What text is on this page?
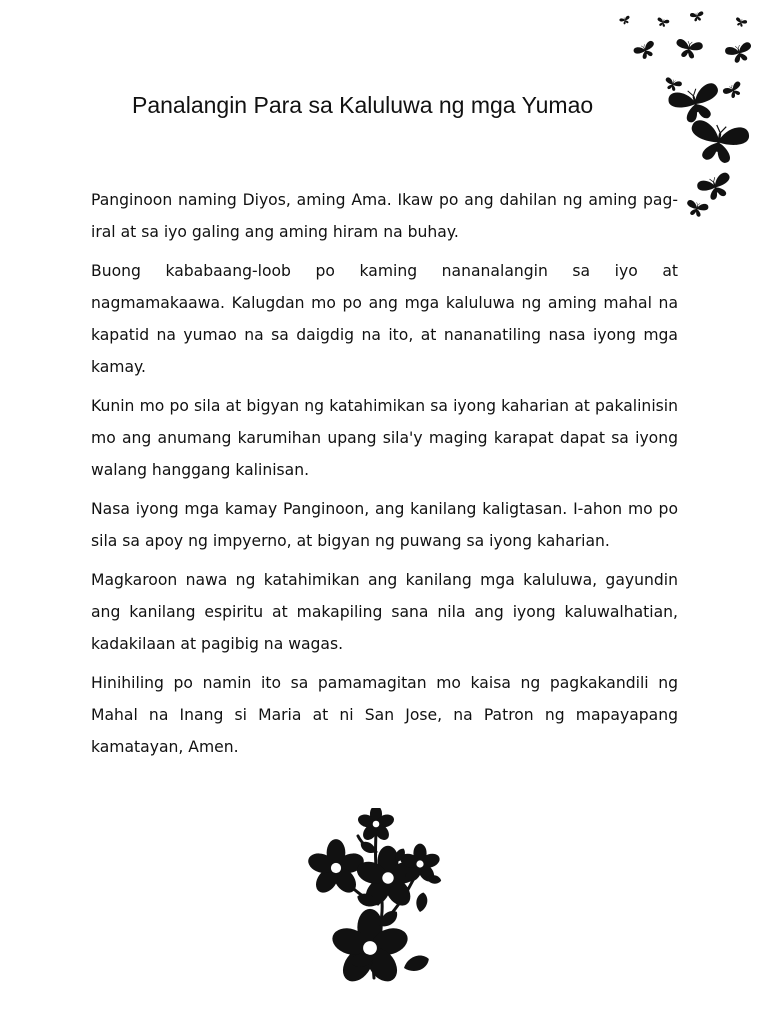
Panalangin Para sa Kaluluwa ng mga Yumao

Panginoon naming Diyos, aming Ama. Ikaw po ang dahilan ng aming pag-iral at sa iyo galing ang aming hiram na buhay.

Buong kababaang-loob po kaming nananalangin sa iyo at nagmamakaawa. Kalugdan mo po ang mga kaluluwa ng aming mahal na kapatid na yumao na sa daigdig na ito, at nananatiling nasa iyong mga kamay.

Kunin mo po sila at bigyan ng katahimikan sa iyong kaharian at pakalinisin mo ang anumang karumihan upang sila'y maging karapat dapat sa iyong walang hanggang kalinisan.

Nasa iyong mga kamay Panginoon, ang kanilang kaligtasan. I-ahon mo po sila sa apoy ng impyerno, at bigyan ng puwang sa iyong kaharian.

Magkaroon nawa ng katahimikan ang kanilang mga kaluluwa, gayundin ang kanilang espiritu at makapiling sana nila ang iyong kaluwalhatian, kadakilaan at pagibig na wagas.

Hinihiling po namin ito sa pamamagitan mo kaisa ng pagkakandili ng Mahal na Inang si Maria at ni San Jose, na Patron ng mapayapang kamatayan, Amen.
